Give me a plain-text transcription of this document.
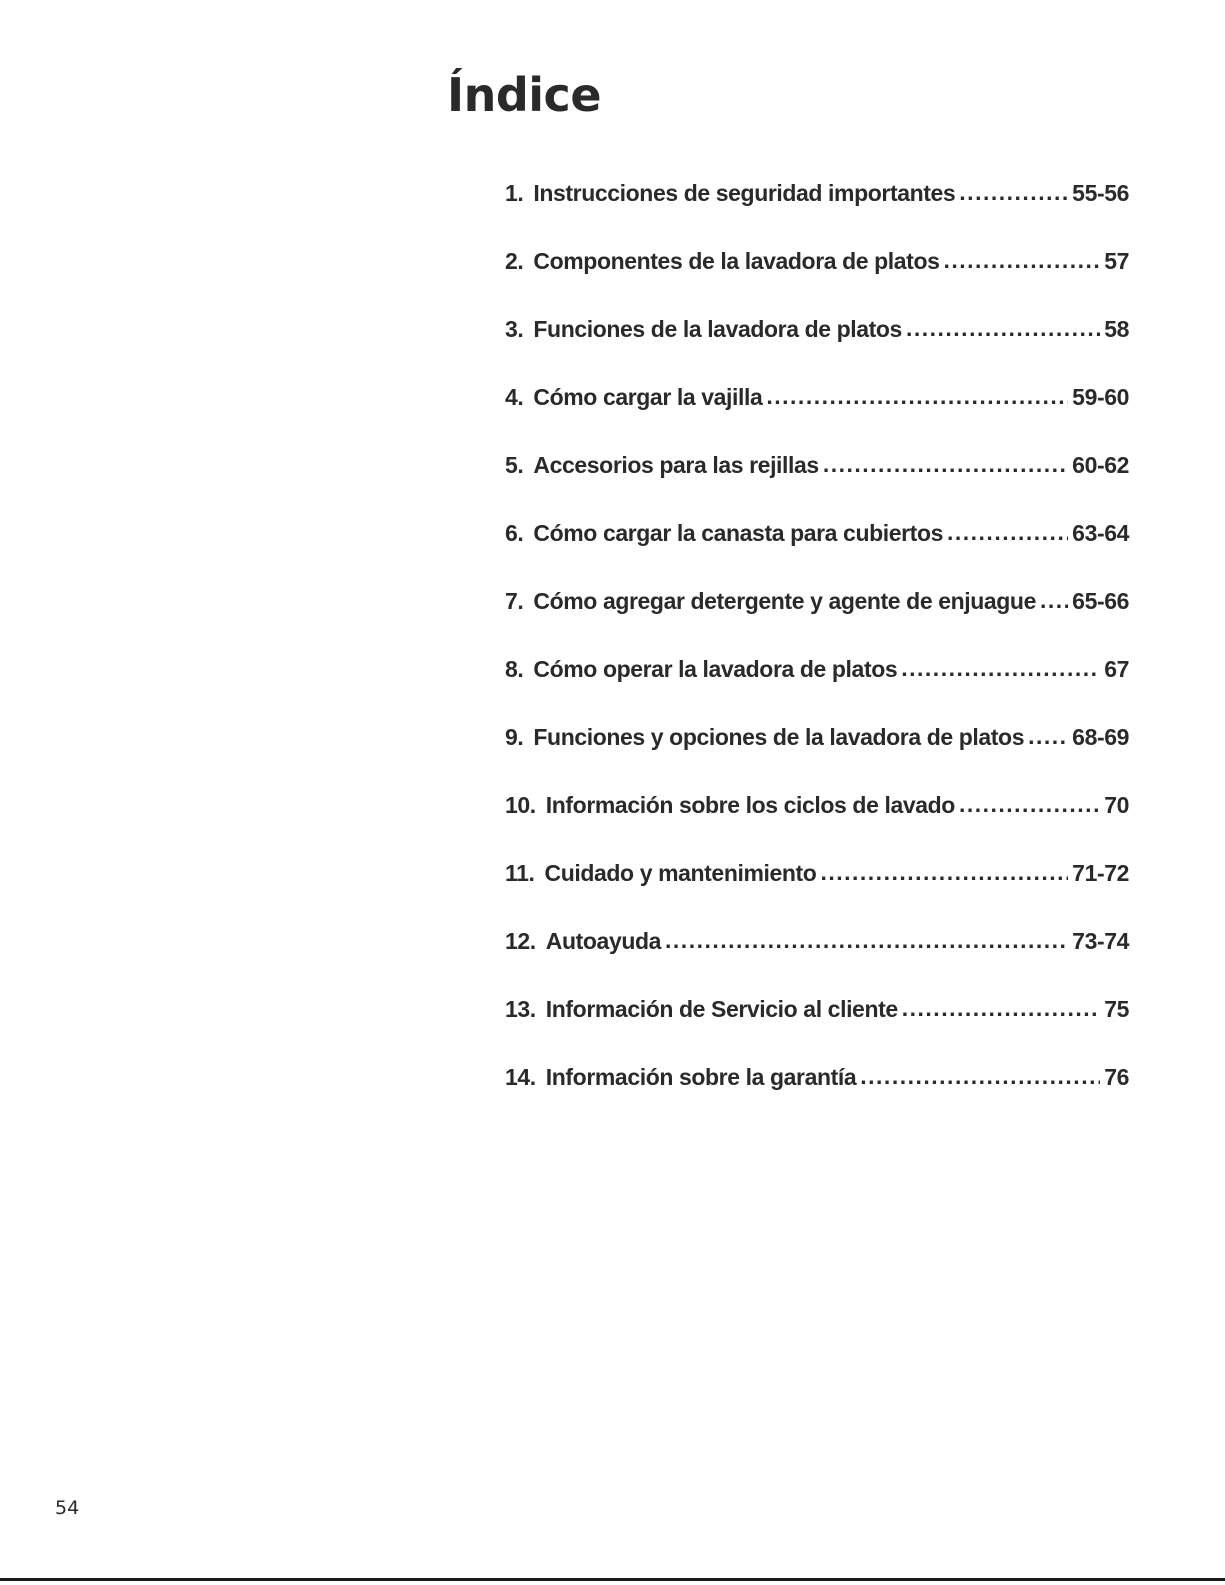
Índice
1. Instrucciones de seguridad importantes .....	55-56
2. Componentes de la lavadora de platos .....	57
3. Funciones de la lavadora de platos .....	58
4. Cómo cargar la vajilla .....	59-60
5. Accesorios para las rejillas .....	60-62
6. Cómo cargar la canasta para cubiertos .....	63-64
7. Cómo agregar detergente y agente de enjuague ..... 65-66
8. Cómo operar la lavadora de platos .....	67
9. Funciones y opciones de la lavadora de platos ..... 68-69
10. Información sobre los ciclos de lavado .....	70
11. Cuidado y mantenimiento .....	71-72
12. Autoayuda .....	73-74
13. Información de Servicio al cliente .....	75
14. Información sobre la garantía .....	76
54
